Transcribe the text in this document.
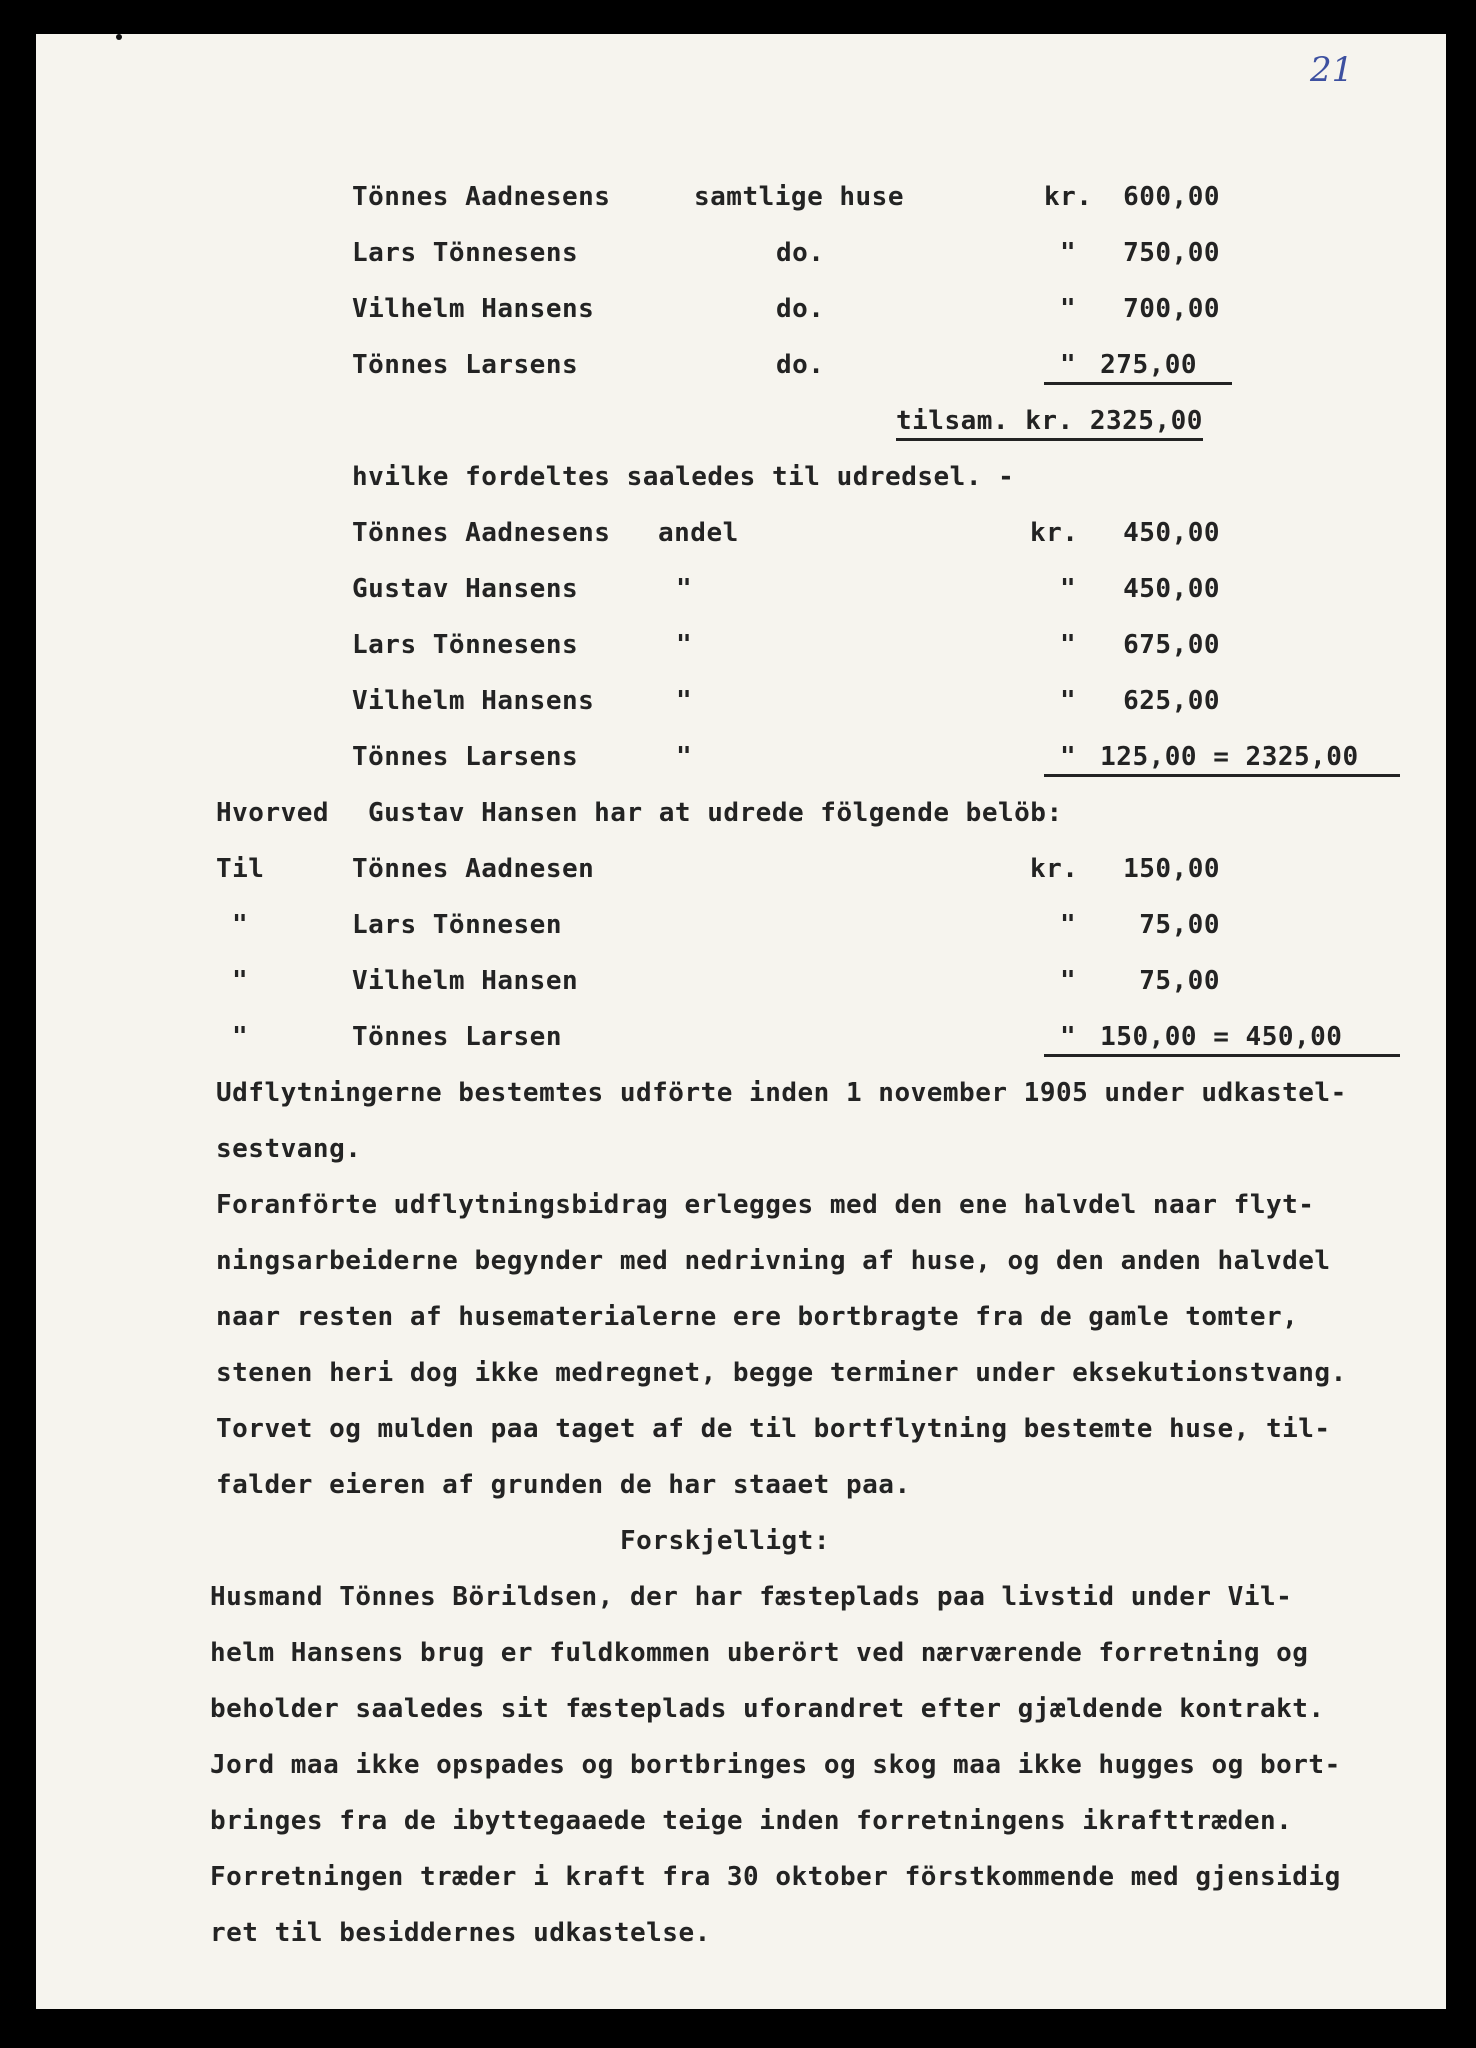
21
Tönnes Aadnesens	samtlige huse	kr.	600,00
Lars Tönnesens	do.	"	750,00
Vilhelm Hansens	do.	"	700,00
Tönnes Larsens	do.	" 275,00
tilsam. kr. 2325,00
hvilke fordeltes saaledes til udredsel. -
Tönnes Aadnesens andel	kr.	450,00
Gustav Hansens	"	"	450,00
Lars Tönnesens	"	"	675,00
Vilhelm Hansens	"	"	625,00
Tönnes Larsens	"	" 125,00 = 2325,00
Hvorved Gustav Hansen har at udrede fölgende belöb:
Til	Tönnes Aadnesen	kr.	150,00
"	Lars Tönnesen	"	75,00
"	Vilhelm Hansen	"	75,00
"	Tönnes Larsen	" 150,00 = 450,00
Udflytningerne bestemtes udförte inden 1 november 1905 under udkastel-
sestvang.
Foranförte udflytningsbidrag erlegges med den ene halvdel naar flyt-
ningsarbeiderne begynder med nedrivning af huse, og den anden halvdel
naar resten af husematerialerne ere bortbragte fra de gamle tomter,
stenen heri dog ikke medregnet, begge terminer under eksekutionstvang.
Torvet og mulden paa taget af de til bortflytning bestemte huse, til-
falder eieren af grunden de har staaet paa.
Forskjelligt:
Husmand Tönnes Börildsen, der har fæsteplads paa livstid under Vil-
helm Hansens brug er fuldkommen uberört ved nærværende forretning og
beholder saaledes sit fæsteplads uforandret efter gjældende kontrakt.
Jord maa ikke opspades og bortbringes og skog maa ikke hugges og bort-
bringes fra de ibyttegaaede teige inden forretningens ikrafttræden.
Forretningen træder i kraft fra 30 oktober förstkommende med gjensidig
ret til besiddernes udkastelse.
